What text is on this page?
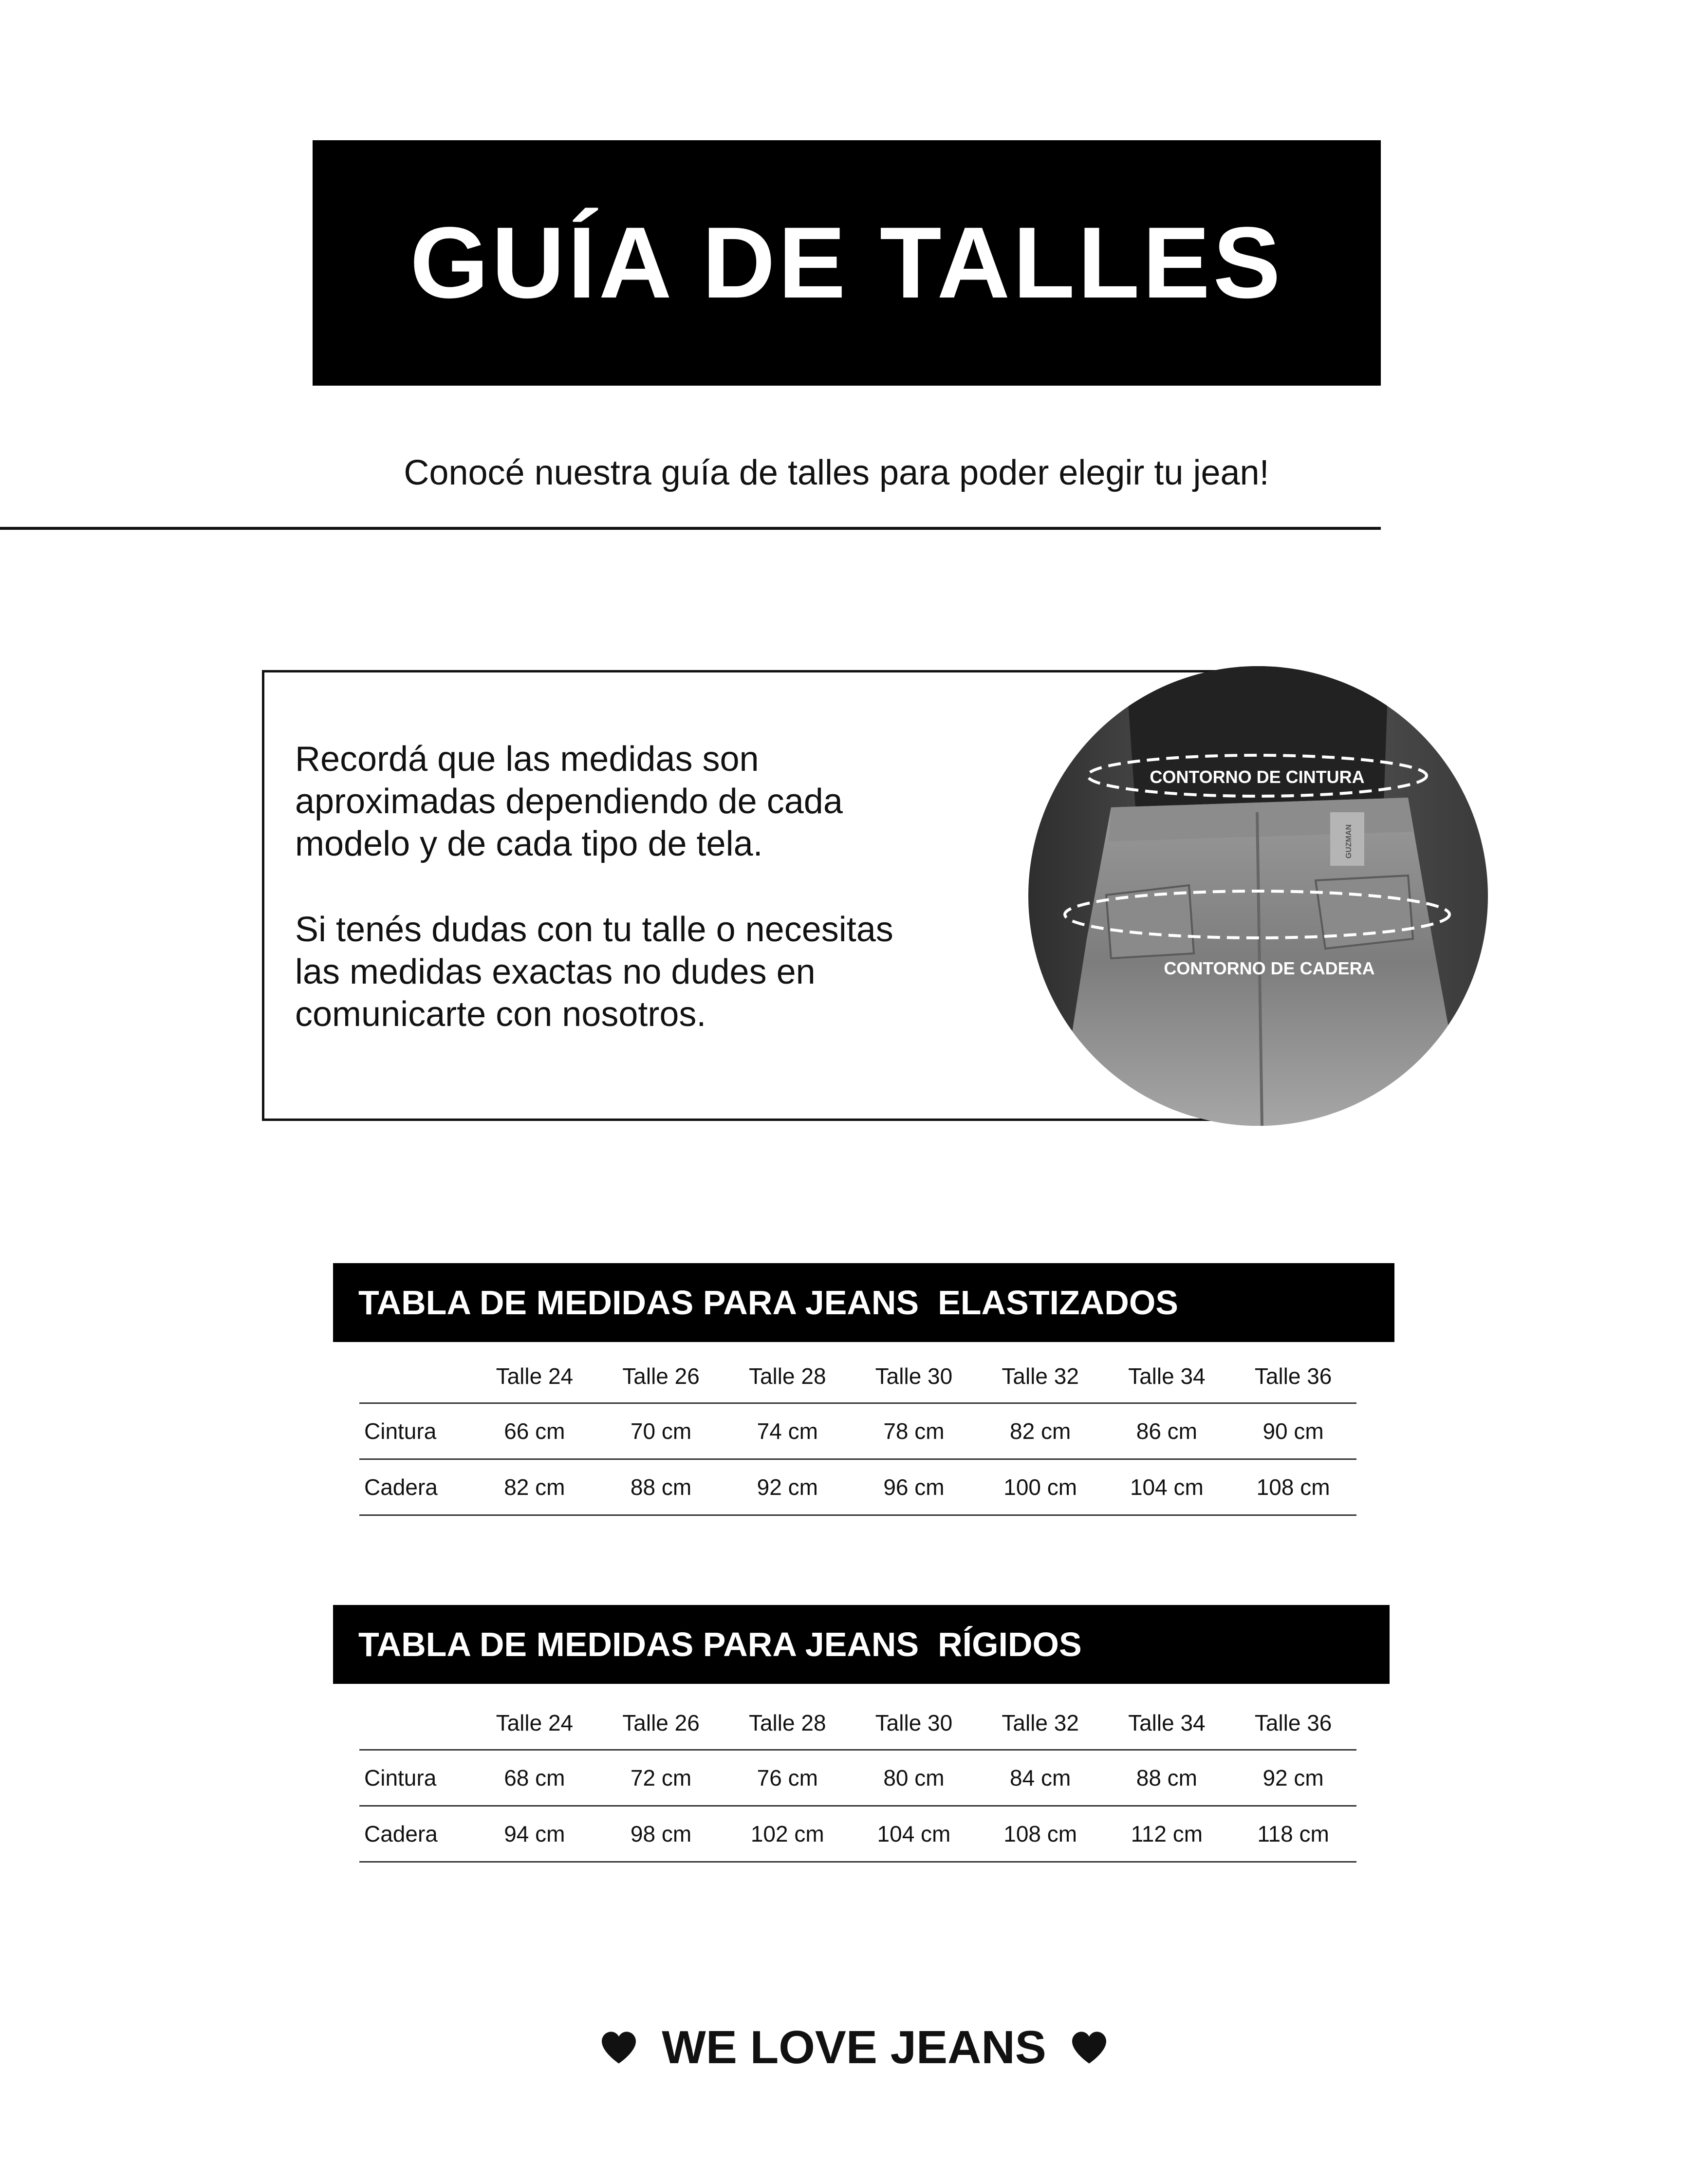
GUÍA DE TALLES
Conocé nuestra guía de talles para poder elegir tu jean!
Recordá que las medidas son
aproximadas dependiendo de cada
modelo y de cada tipo de tela.
Si tenés dudas con tu talle o necesitas
las medidas exactas no dudes en
comunicarte con nosotros.
CONTORNO DE CINTURA
CONTORNO DE CADERA
GUZMAN
TABLA DE MEDIDAS PARA JEANS  ELASTIZADOS
	Talle 24	Talle 26	Talle 28	Talle 30	Talle 32	Talle 34	Talle 36
Cintura	66 cm	70 cm	74 cm	78 cm	82 cm	86 cm	90 cm
Cadera	82 cm	88 cm	92 cm	96 cm	100 cm	104 cm	108 cm
TABLA DE MEDIDAS PARA JEANS  RÍGIDOS
	Talle 24	Talle 26	Talle 28	Talle 30	Talle 32	Talle 34	Talle 36
Cintura	68 cm	72 cm	76 cm	80 cm	84 cm	88 cm	92 cm
Cadera	94 cm	98 cm	102 cm	104 cm	108 cm	112 cm	118 cm
WE LOVE JEANS
